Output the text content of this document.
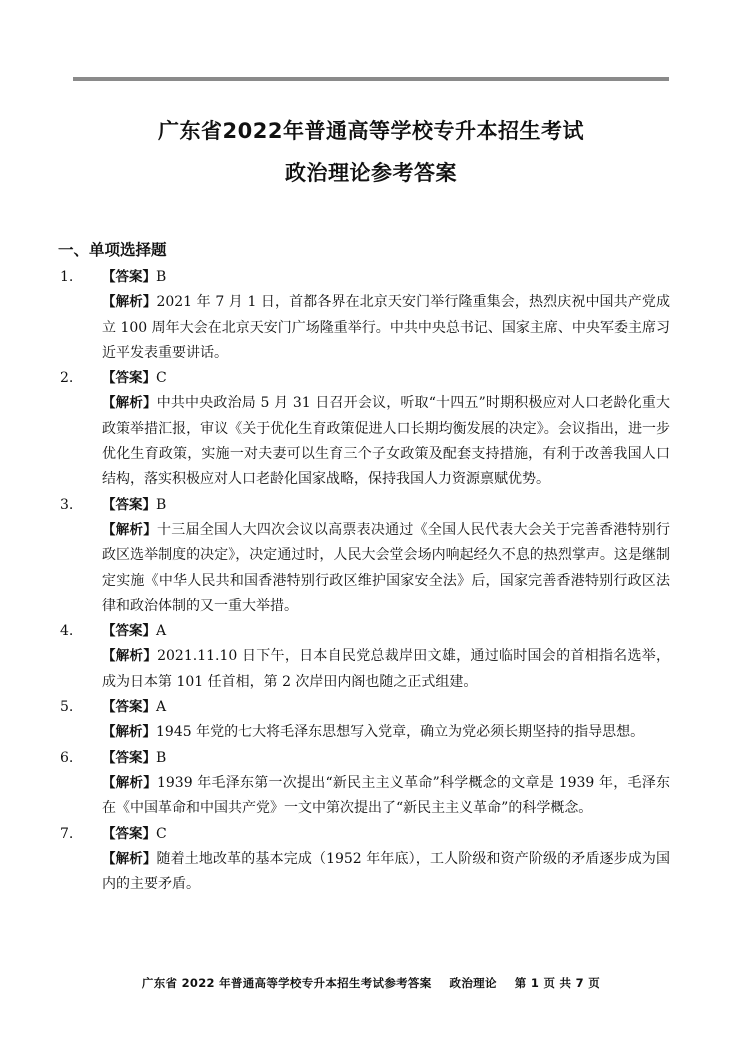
广东省2022年普通高等学校专升本招生考试
政治理论参考答案
一、单项选择题
1.	【答案】B
【解析】2021 年 7 月 1 日，首都各界在北京天安门举行隆重集会，热烈庆祝中国共产党成立 100 周年大会在北京天安门广场隆重举行。中共中央总书记、国家主席、中央军委主席习近平发表重要讲话。
2.	【答案】C
【解析】中共中央政治局 5 月 31 日召开会议，听取“十四五”时期积极应对人口老龄化重大政策举措汇报，审议《关于优化生育政策促进人口长期均衡发展的决定》。会议指出，进一步优化生育政策，实施一对夫妻可以生育三个子女政策及配套支持措施，有利于改善我国人口结构，落实积极应对人口老龄化国家战略，保持我国人力资源禀赋优势。
3.	【答案】B
【解析】十三届全国人大四次会议以高票表决通过《全国人民代表大会关于完善香港特别行政区选举制度的决定》，决定通过时，人民大会堂会场内响起经久不息的热烈掌声。这是继制定实施《中华人民共和国香港特别行政区维护国家安全法》后，国家完善香港特别行政区法律和政治体制的又一重大举措。
4.	【答案】A
【解析】2021.11.10 日下午，日本自民党总裁岸田文雄，通过临时国会的首相指名选举，成为日本第 101 任首相，第 2 次岸田内阁也随之正式组建。
5.	【答案】A
【解析】1945 年党的七大将毛泽东思想写入党章，确立为党必须长期坚持的指导思想。
6.	【答案】B
【解析】1939 年毛泽东第一次提出“新民主主义革命”科学概念的文章是 1939 年，毛泽东在《中国革命和中国共产党》一文中第次提出了“新民主主义革命”的科学概念。
7.	【答案】C
【解析】随着土地改革的基本完成（1952 年年底），工人阶级和资产阶级的矛盾逐步成为国内的主要矛盾。
广东省 2022 年普通高等学校专升本招生考试参考答案 政治理论 第 1 页 共 7 页
